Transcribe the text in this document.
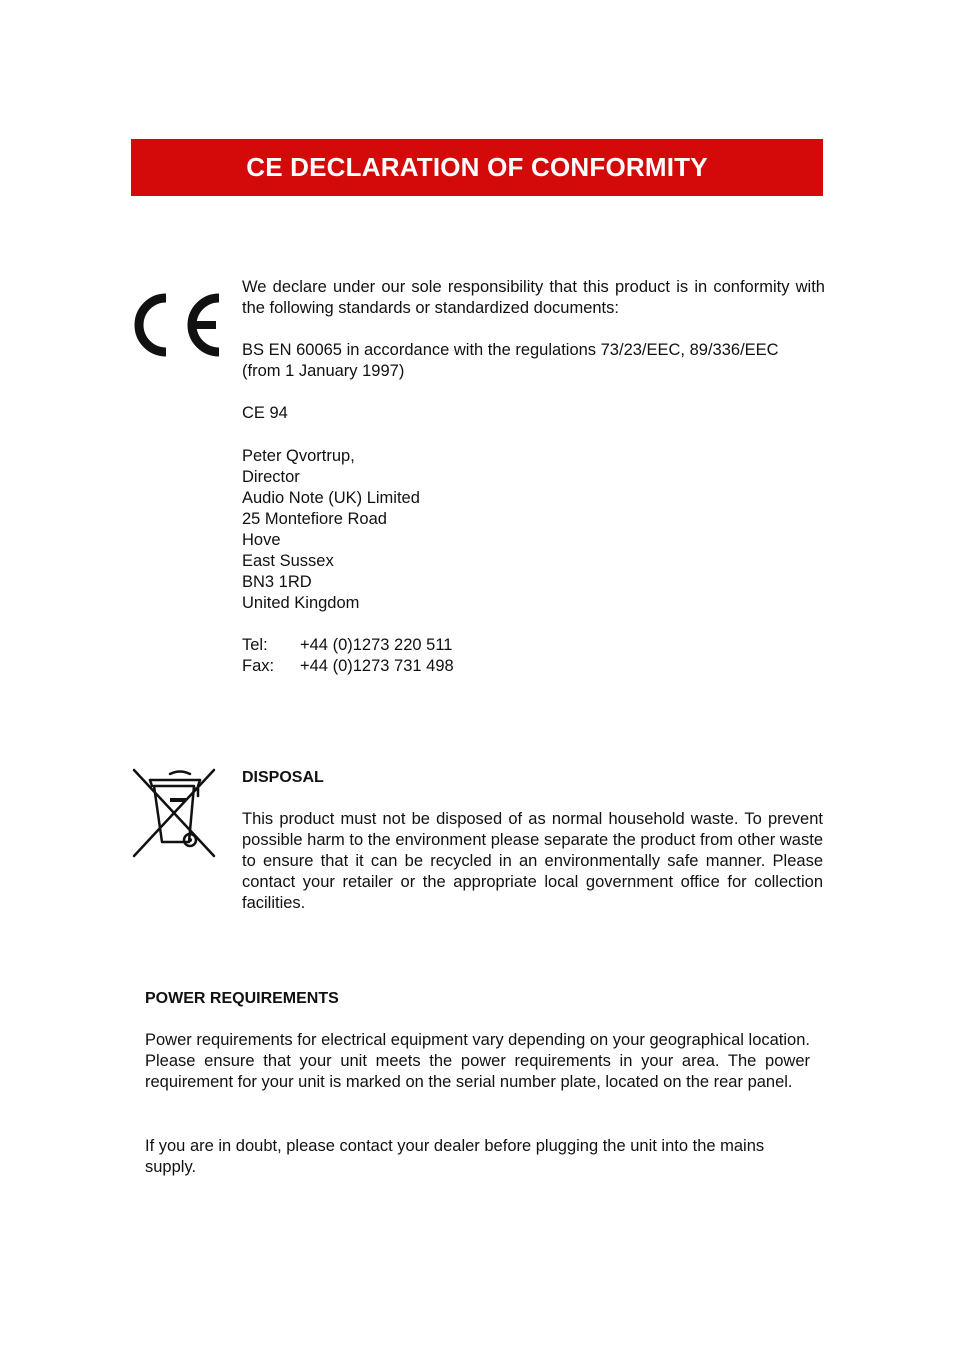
CE DECLARATION OF CONFORMITY
We declare under our sole responsibility that this product is in conformity with the following standards or standardized documents:
BS EN 60065 in accordance with the regulations 73/23/EEC, 89/336/EEC
(from 1 January 1997)
CE 94
Peter Qvortrup,
Director
Audio Note (UK) Limited
25 Montefiore Road
Hove
East Sussex
BN3 1RD
United Kingdom
Tel:	+44 (0)1273 220 511
Fax:	+44 (0)1273 731 498
DISPOSAL
This product must not be disposed of as normal household waste. To prevent possible harm to the environment please separate the product from other waste to ensure that it can be recycled in an environmentally safe manner. Please contact your retailer or the appropriate local government office for collection facilities.
POWER REQUIREMENTS
Power requirements for electrical equipment vary depending on your geographical location. Please ensure that your unit meets the power requirements in your area. The power requirement for your unit is marked on the serial number plate, located on the rear panel.
If you are in doubt, please contact your dealer before plugging the unit into the mains supply.
